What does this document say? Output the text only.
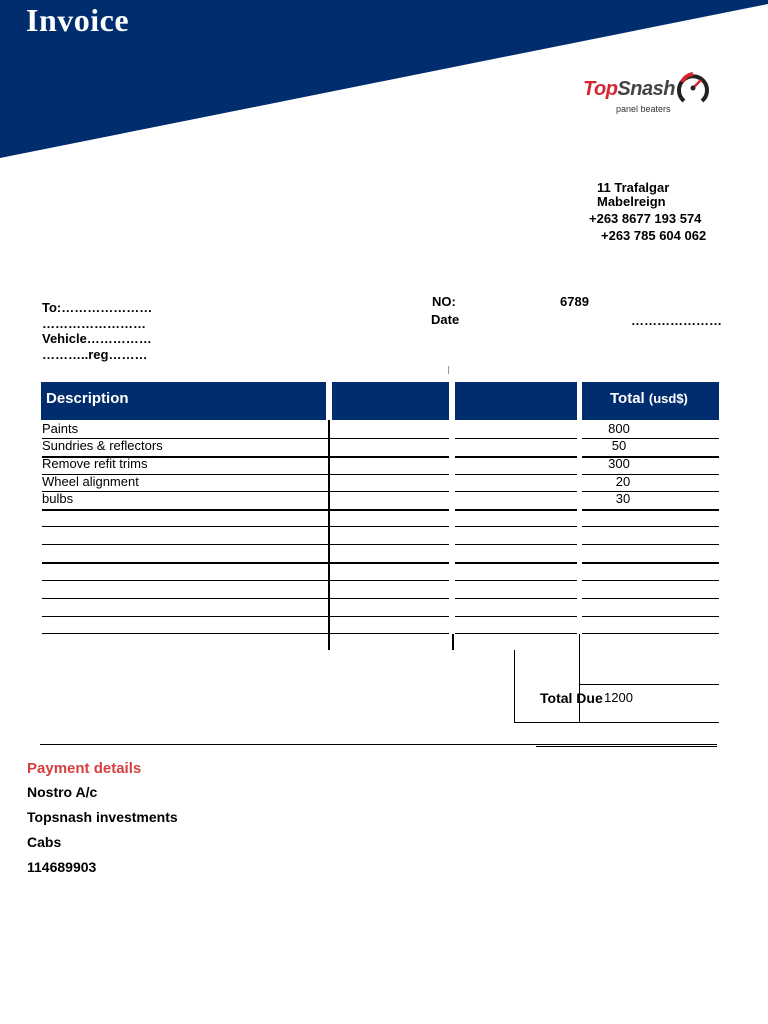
Invoice
TopSnash
panel beaters
11 Trafalgar
Mabelreign
+263 8677 193 574
+263 785 604 062
To:…………………
……………………
Vehicle……………
………..reg………
NO:	6789
Date	…………………
Description	Total (usd$)
Paints	800
Sundries & reflectors	50
Remove refit trims	300
Wheel alignment	20
bulbs	30
Total Due 1200
Payment details
Nostro A/c
Topsnash investments
Cabs
114689903
